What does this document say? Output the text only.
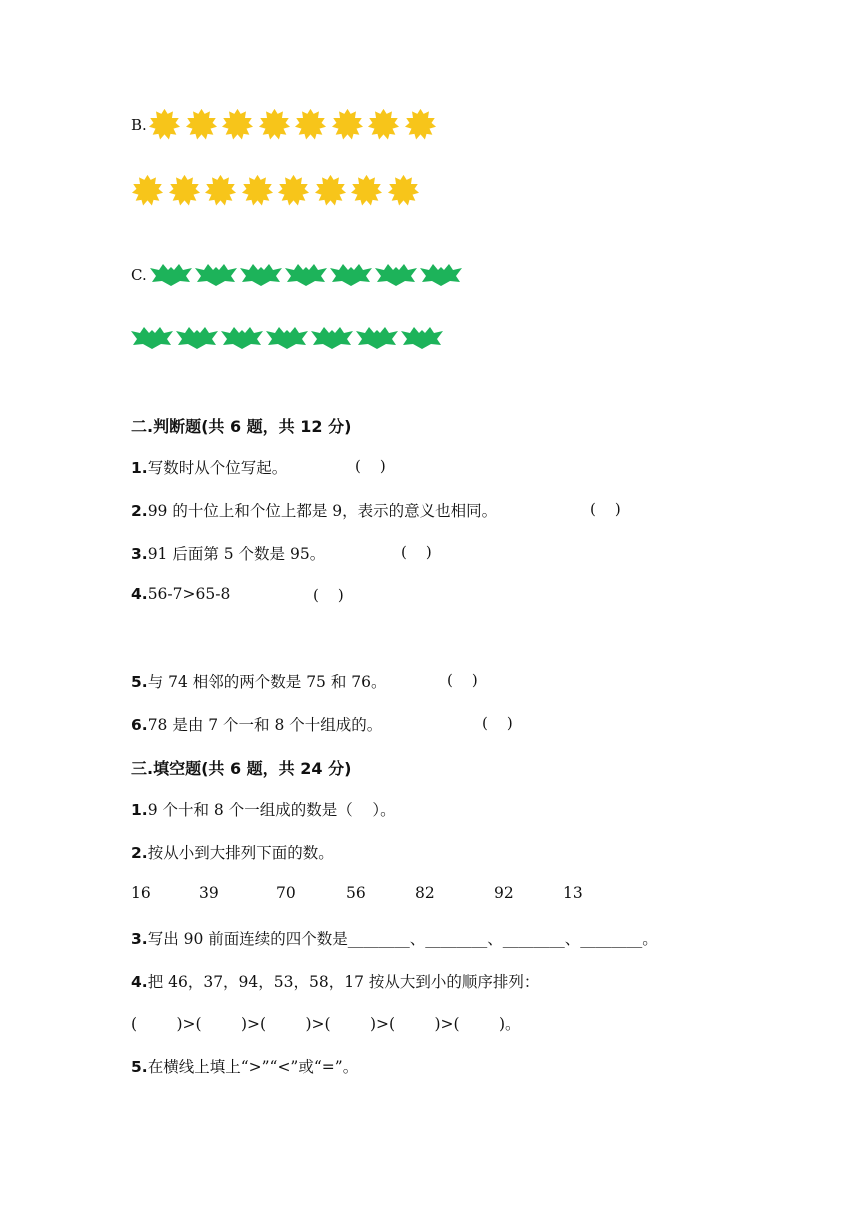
B.
C.
二.判断题(共 6 题，共 12 分)
1.写数时从个位写起。	(    )
2.99 的十位上和个位上都是 9，表示的意义也相同。	(    )
3.91 后面第 5 个数是 95。	(    )
4.56-7>65-8	(    )
5.与 74 相邻的两个数是 75 和 76。	(    )
6.78 是由 7 个一和 8 个十组成的。	(    )
三.填空题(共 6 题，共 24 分)
1.9 个十和 8 个一组成的数是（    ）。
2.按从小到大排列下面的数。
16	39	70	56	82	92	13
3.写出 90 前面连续的四个数是________、________、________、________。
4.把 46，37，94，53，58，17 按从大到小的顺序排列：
(        )>(        )>(        )>(        )>(        )>(        )。
5.在横线上填上“>”“<”或“=”。
